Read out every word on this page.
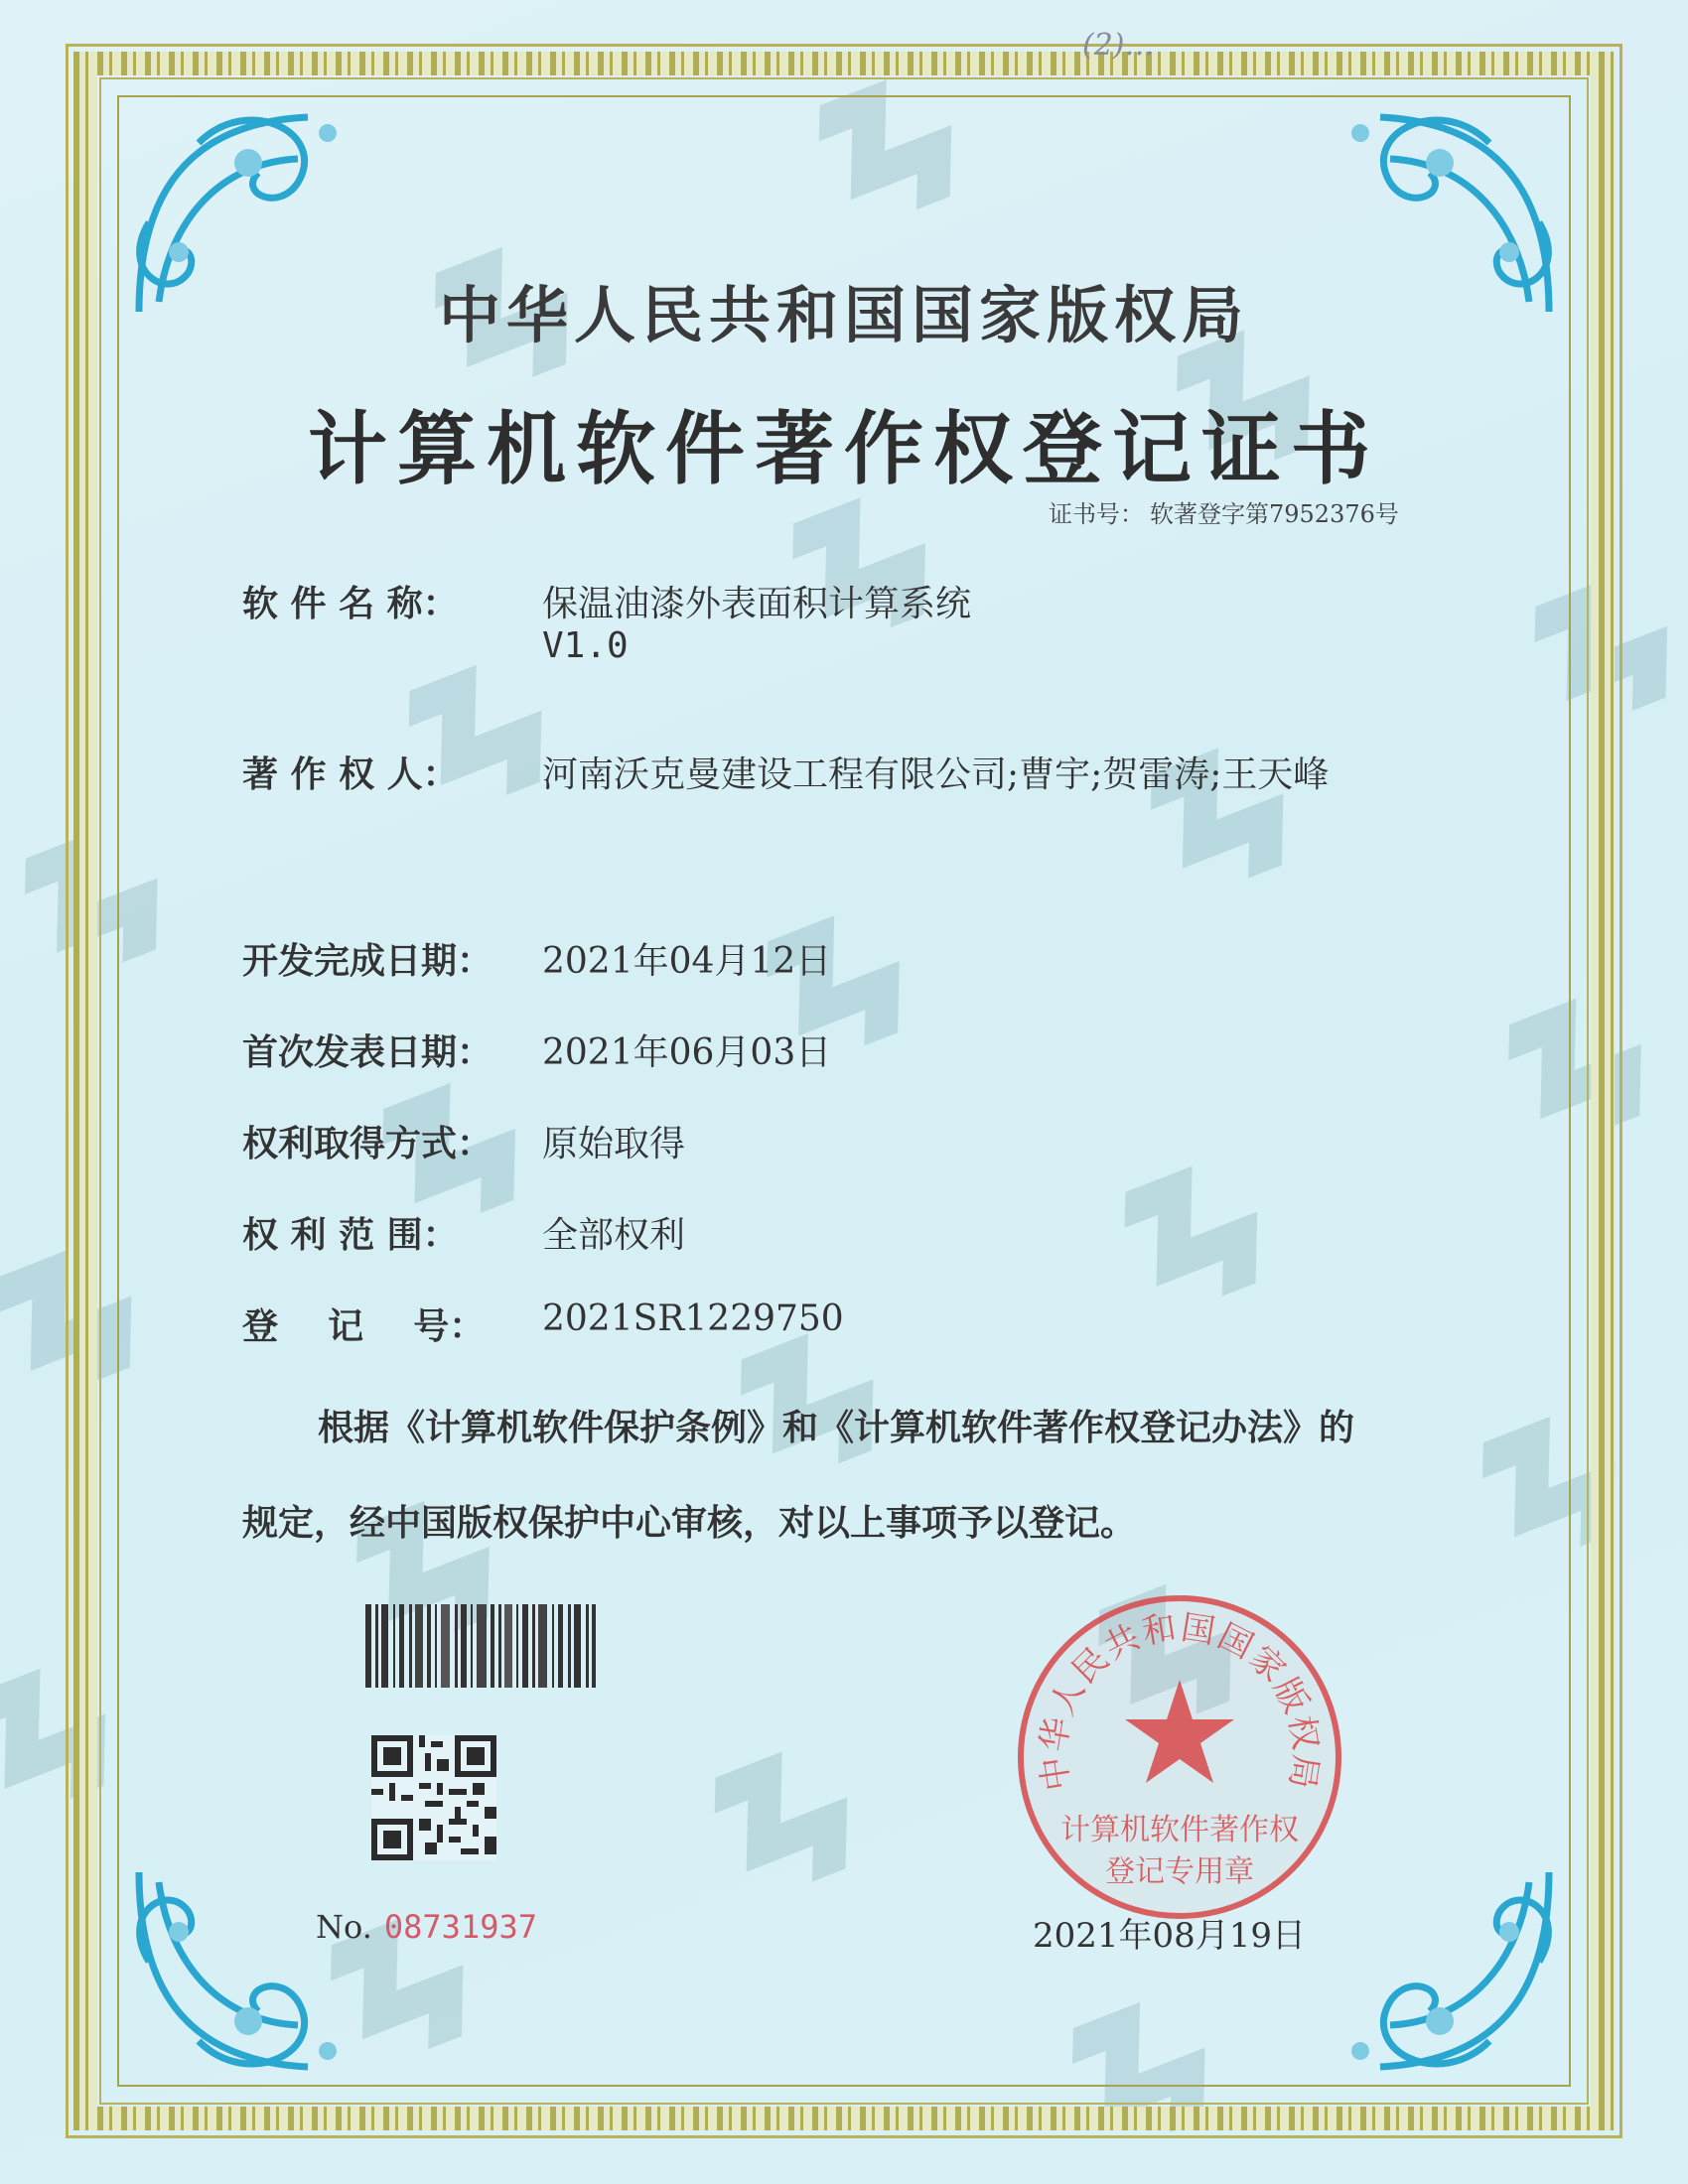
(2)…
中华人民共和国国家版权局
计算机软件著作权登记证书
证书号： 软著登字第7952376号
软 件 名 称：	保温油漆外表面积计算系统
V1.0
著 作 权 人：	河南沃克曼建设工程有限公司;曹宇;贺雷涛;王天峰
开发完成日期：	2021年04月12日
首次发表日期：	2021年06月03日
权利取得方式：	原始取得
权 利 范 围：	全部权利
登    记    号：	2021SR1229750
根据《计算机软件保护条例》和《计算机软件著作权登记办法》的
规定，经中国版权保护中心审核，对以上事项予以登记。
No. 08731937
中华人民共和国国家版权局
计算机软件著作权
登记专用章
2021年08月19日
